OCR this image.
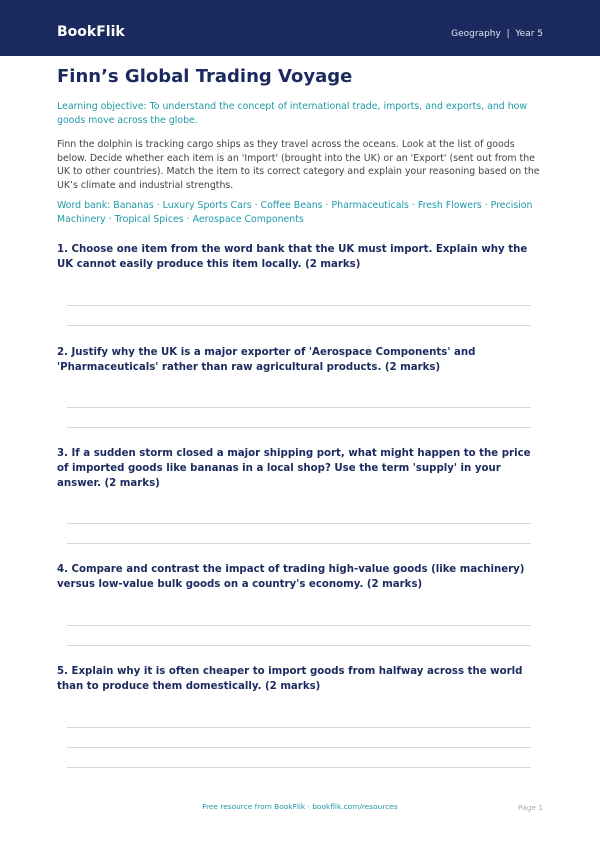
BookFlik	Geography | Year 5
Finn’s Global Trading Voyage
Learning objective: To understand the concept of international trade, imports, and exports, and how goods move across the globe.
Finn the dolphin is tracking cargo ships as they travel across the oceans. Look at the list of goods below. Decide whether each item is an 'Import' (brought into the UK) or an 'Export' (sent out from the UK to other countries). Match the item to its correct category and explain your reasoning based on the UK’s climate and industrial strengths.
Word bank: Bananas · Luxury Sports Cars · Coffee Beans · Pharmaceuticals · Fresh Flowers · Precision Machinery · Tropical Spices · Aerospace Components
1. Choose one item from the word bank that the UK must import. Explain why the UK cannot easily produce this item locally. (2 marks)
2. Justify why the UK is a major exporter of 'Aerospace Components' and 'Pharmaceuticals' rather than raw agricultural products. (2 marks)
3. If a sudden storm closed a major shipping port, what might happen to the price of imported goods like bananas in a local shop? Use the term 'supply' in your answer. (2 marks)
4. Compare and contrast the impact of trading high-value goods (like machinery) versus low-value bulk goods on a country's economy. (2 marks)
5. Explain why it is often cheaper to import goods from halfway across the world than to produce them domestically. (2 marks)
Free resource from BookFlik · bookflik.com/resources	Page 1
